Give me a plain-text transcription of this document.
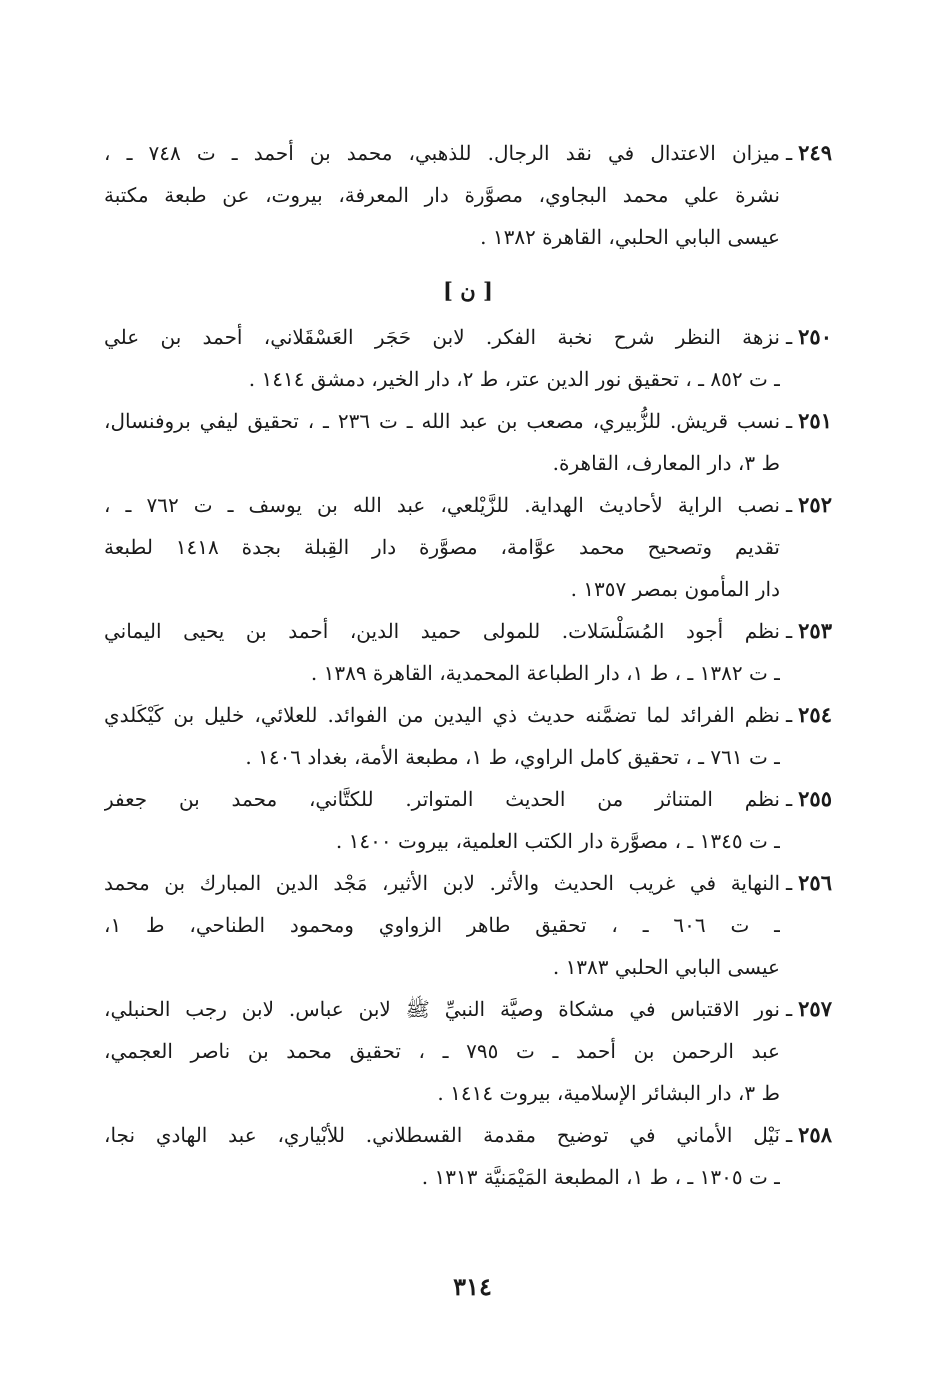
٢٤٩
ـ
ميزان الاعتدال في نقد الرجال. للذهبي، محمد بن أحمد ـ ت ٧٤٨ ـ ،
نشرة علي محمد البجاوي، مصوَّرة دار المعرفة، بيروت، عن طبعة مكتبة
عيسى البابي الحلبي، القاهرة ١٣٨٢ .
[ ن ]
٢٥٠
ـ
نزهة النظر شرح نخبة الفكر. لابن حَجَر العَسْقَلاني، أحمد بن علي
ـ ت ٨٥٢ ـ ، تحقيق نور الدين عتر، ط ٢، دار الخير، دمشق ١٤١٤ .
٢٥١
ـ
نسب قريش. للزُّبيري، مصعب بن عبد الله ـ ت ٢٣٦ ـ ، تحقيق ليفي بروفنسال،
ط ٣، دار المعارف، القاهرة.
٢٥٢
ـ
نصب الراية لأحاديث الهداية. للزَّيْلعي، عبد الله بن يوسف ـ ت ٧٦٢ ـ ،
تقديم وتصحيح محمد عوَّامة، مصوَّرة دار القِبلة بجدة ١٤١٨ لطبعة
دار المأمون بمصر ١٣٥٧ .
٢٥٣
ـ
نظم أجود المُسَلْسَلات. للمولى حميد الدين، أحمد بن يحيى اليماني
ـ ت ١٣٨٢ ـ ، ط ١، دار الطباعة المحمدية، القاهرة ١٣٨٩ .
٢٥٤
ـ
نظم الفرائد لما تضمَّنه حديث ذي اليدين من الفوائد. للعلائي، خليل بن كَيْكَلدي
ـ ت ٧٦١ ـ ، تحقيق كامل الراوي، ط ١، مطبعة الأمة، بغداد ١٤٠٦ .
٢٥٥
ـ
نظم المتناثر من الحديث المتواتر. للكتَّاني، محمد بن جعفر
ـ ت ١٣٤٥ ـ ، مصوَّرة دار الكتب العلمية، بيروت ١٤٠٠ .
٢٥٦
ـ
النهاية في غريب الحديث والأثر. لابن الأثير، مَجْد الدين المبارك بن محمد
ـ ت ٦٠٦ ـ ، تحقيق طاهر الزواوي ومحمود الطناحي، ط ١،
عيسى البابي الحلبي ١٣٨٣ .
٢٥٧
ـ
نور الاقتباس في مشكاة وصيَّة النبيِّ ﷺ لابن عباس. لابن رجب الحنبلي،
عبد الرحمن بن أحمد ـ ت ٧٩٥ ـ ، تحقيق محمد بن ناصر العجمي،
ط ٣، دار البشائر الإسلامية، بيروت ١٤١٤ .
٢٥٨
ـ
نَيْل الأماني في توضيح مقدمة القسطلاني. للأبْياري، عبد الهادي نجا،
ـ ت ١٣٠٥ ـ ، ط ١، المطبعة المَيْمَنيَّة ١٣١٣ .
٣١٤
